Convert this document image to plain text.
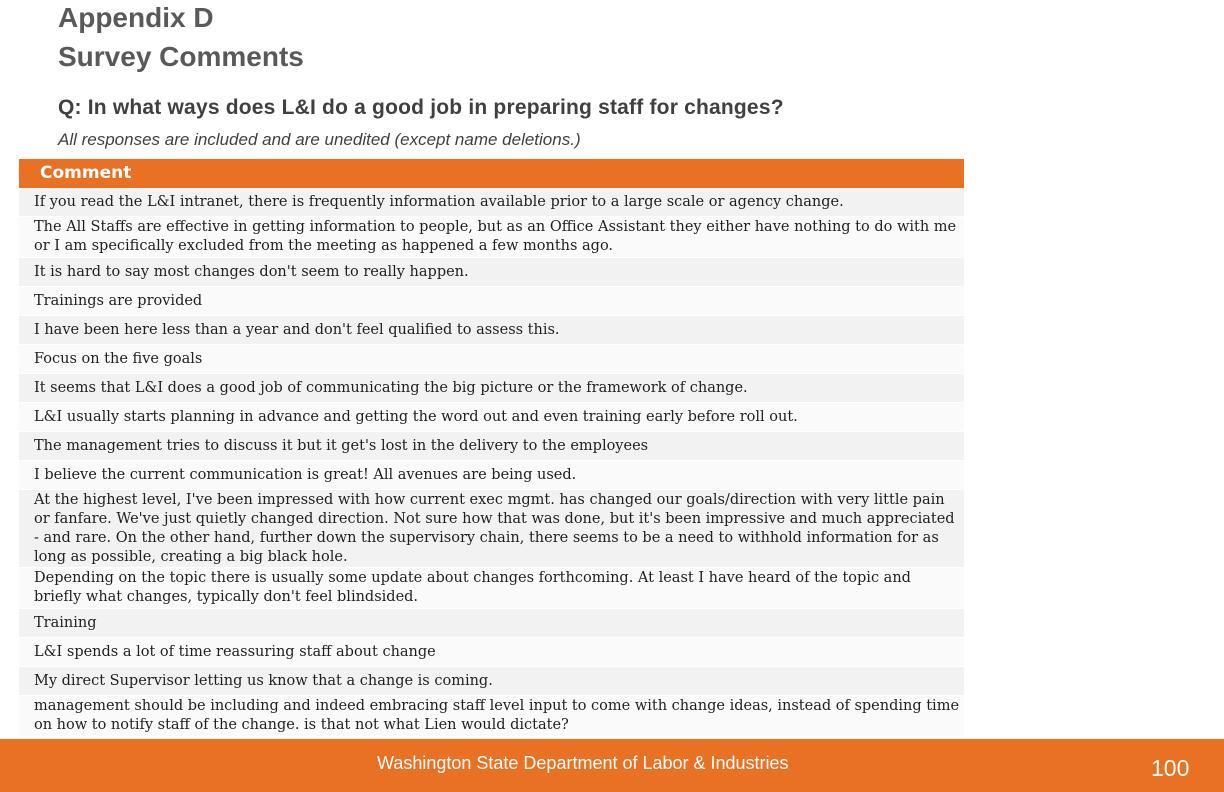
Appendix D
Survey Comments
Q: In what ways does L&I do a good job in preparing staff for changes?
All responses are included and are unedited (except name deletions.)
Comment
If you read the L&I intranet, there is frequently information available prior to a large scale or agency change.
The All Staffs are effective in getting information to people, but as an Office Assistant they either have nothing to do with me or I am specifically excluded from the meeting as happened a few months ago.
It is hard to say most changes don't seem to really happen.
Trainings are provided
I have been here less than a year and don't feel qualified to assess this.
Focus on the five goals
It seems that L&I does a good job of communicating the big picture or the framework of change.
L&I usually starts planning in advance and getting the word out and even training early before roll out.
The management tries to discuss it but it get's lost in the delivery to the employees
I believe the current communication is great! All avenues are being used.
At the highest level, I've been impressed with how current exec mgmt. has changed our goals/direction with very little pain or fanfare. We've just quietly changed direction. Not sure how that was done, but it's been impressive and much appreciated - and rare. On the other hand, further down the supervisory chain, there seems to be a need to withhold information for as long as possible, creating a big black hole.
Depending on the topic there is usually some update about changes forthcoming. At least I have heard of the topic and briefly what changes, typically don't feel blindsided.
Training
L&I spends a lot of time reassuring staff about change
My direct Supervisor letting us know that a change is coming.
management should be including and indeed embracing staff level input to come with change ideas, instead of spending time on how to notify staff of the change. is that not what Lien would dictate?
Washington State Department of Labor & Industries	100
